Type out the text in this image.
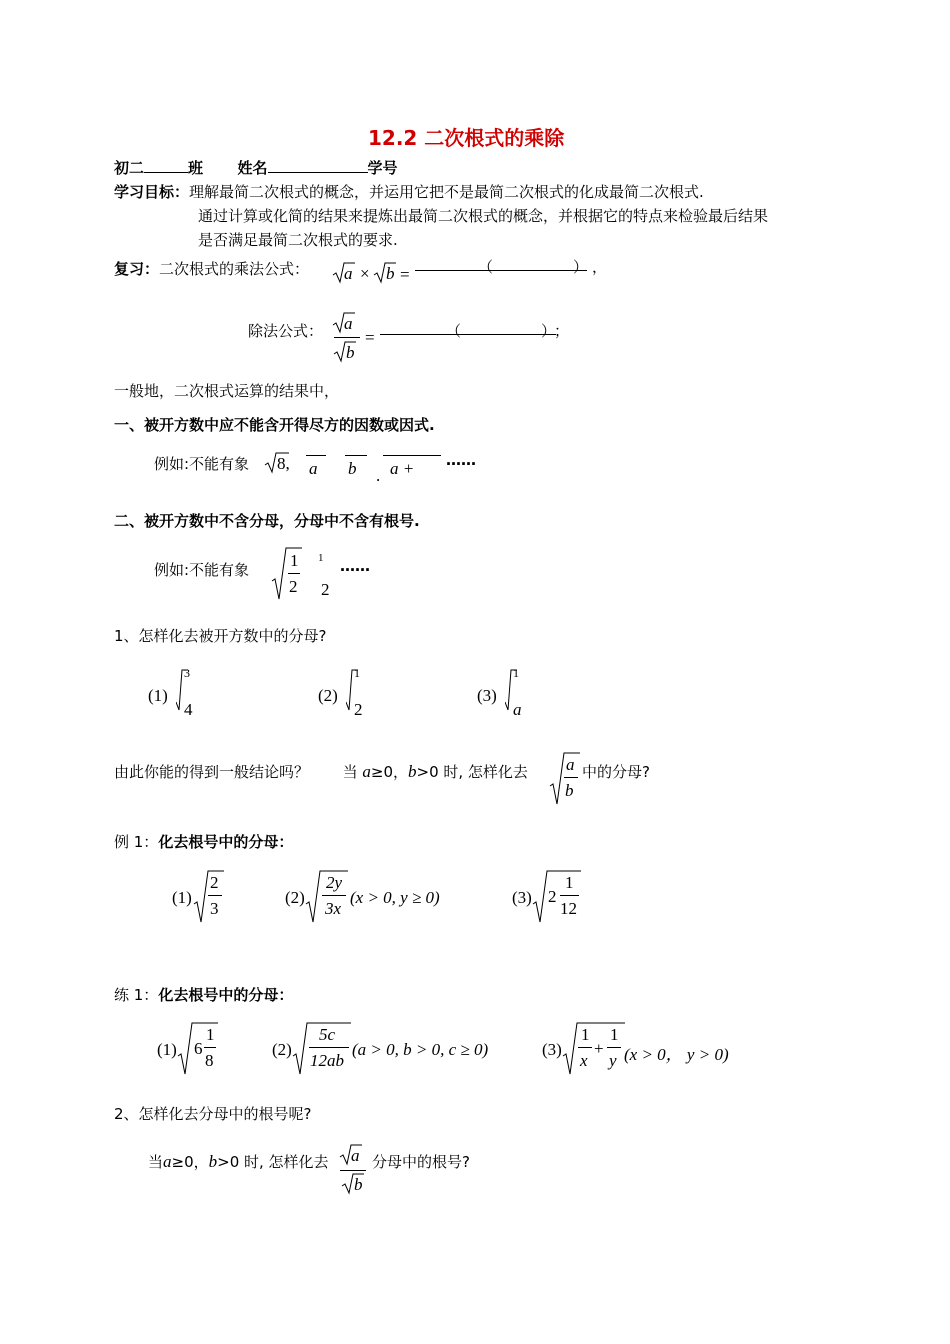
12.2 二次根式的乘除
初二	班 姓名	学号
学习目标：理解最简二次根式的概念，并运用它把不是最简二次根式的化成最简二次根式.
通过计算或化简的结果来提炼出最简二次根式的概念，并根据它的特点来检验最后结果
是否满足最简二次根式的要求.
复习：二次根式的乘法公式： a × b =	（	） ，
除法公式： a
b
=	（	）
；
一般地，二次根式运算的结果中，
一、被开方数中应不能含开得尽方的因数或因式.
例如:不能有象 8, a b . a + ……
二、被开方数中不含分母，分母中不含有根号.
例如:不能有象 1
2
1
2
……
1、怎样化去被开方数中的分母?
(1)
3
4
(2)
1
2
(3)
1
a
由此你能的得到一般结论吗？ 当 a≥0，b>0 时, 怎样化去 a
b
中的分母?
例 1：化去根号中的分母：
(1)
2
3
(2)
2y
3x
(x > 0, y ≥ 0)	(3) 2
1
12
练 1：化去根号中的分母：
(1) 6
1
8
(2)
5c
12ab
(a > 0, b > 0, c ≥ 0)	(3)
1
x
+
1
y (x > 0， y > 0)
2、怎样化去分母中的根号呢?
当a≥0，b>0 时, 怎样化去 a
b
分母中的根号?
